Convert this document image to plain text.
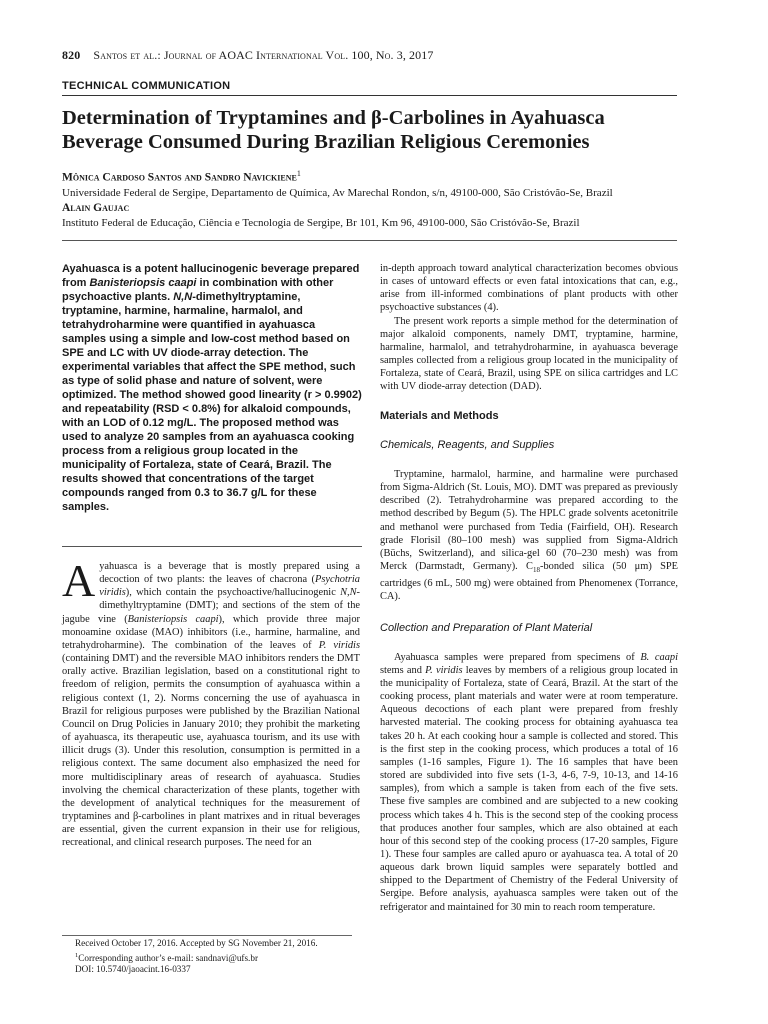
820 Santos et al.: Journal of AOAC International Vol. 100, No. 3, 2017
TECHNICAL COMMUNICATION
Determination of Tryptamines and β-Carbolines in Ayahuasca
Beverage Consumed During Brazilian Religious Ceremonies
Mônica Cardoso Santos and Sandro Navickiene$^1$

Universidade Federal de Sergipe, Departamento de Química, Av Marechal Rondon, s/n, 49100-000, São Cristóvão-Se, Brazil

Alain Gaujac

Instituto Federal de Educação, Ciência e Tecnologia de Sergipe, Br 101, Km 96, 49100-000, São Cristóvão-Se, Brazil

Ayahuasca is a potent hallucinogenic beverage prepared from Banisteriopsis caapi in combination with other psychoactive plants. N,N-dimethyltryptamine, tryptamine, harmine, harmaline, harmalol, and tetrahydroharmine were quantified in ayahuasca samples using a simple and low-cost method based on SPE and LC with UV diode-array detection. The experimental variables that affect the SPE method, such as type of solid phase and nature of solvent, were optimized. The method showed good linearity (r > 0.9902) and repeatability (RSD < 0.8%) for alkaloid compounds, with an LOD of 0.12 mg/L. The proposed method was used to analyze 20 samples from an ayahuasca cooking process from a religious group located in the municipality of Fortaleza, state of Ceará, Brazil. The results showed that concentrations of the target compounds ranged from 0.3 to 36.7 g/L for these samples.

Ayahuasca is a beverage that is mostly prepared using a decoction of two plants: the leaves of chacrona (Psychotria viridis), which contain the psychoactive/hallucinogenic N,N-dimethyltryptamine (DMT); and sections of the stem of the jagube vine (Banisteriopsis caapi), which provide three major monoamine oxidase (MAO) inhibitors (i.e., harmine, harmaline, and tetrahydroharmine). The combination of the leaves of P. viridis (containing DMT) and the reversible MAO inhibitors renders the DMT orally active. Brazilian legislation, based on a constitutional right to freedom of religion, permits the consumption of ayahuasca within a religious context (1, 2). Norms concerning the use of ayahuasca in Brazil for religious purposes were published by the Brazilian National Council on Drug Policies in January 2010; they prohibit the marketing of ayahuasca, its therapeutic use, ayahuasca tourism, and its use with illicit drugs (3). Under this resolution, consumption is permitted in a religious context. The same document also emphasized the need for more multidisciplinary areas of research of ayahuasca. Studies involving the chemical characterization of these plants, together with the development of analytical techniques for the measurement of tryptamines and β-carbolines in plant matrixes and in ritual beverages are essential, given the current expansion in their use for religious, recreational, and clinical research purposes. The need for an

Received October 17, 2016. Accepted by SG November 21, 2016.

$^1$Corresponding author’s e-mail: sandnavi@ufs.br

DOI: 10.5740/jaoacint.16-0337

in-depth approach toward analytical characterization becomes obvious in cases of untoward effects or even fatal intoxications that can, e.g., arise from ill-informed combinations of plant products with other psychoactive substances (4).

The present work reports a simple method for the determination of major alkaloid components, namely DMT, tryptamine, harmine, harmaline, harmalol, and tetrahydroharmine, in ayahuasca beverage samples collected from a religious group located in the municipality of Fortaleza, state of Ceará, Brazil, using SPE on silica cartridges and LC with UV diode-array detection (DAD).

Materials and Methods

Chemicals, Reagents, and Supplies

Tryptamine, harmalol, harmine, and harmaline were purchased from Sigma-Aldrich (St. Louis, MO). DMT was prepared as previously described (2). Tetrahydroharmine was prepared according to the method described by Begum (5). The HPLC grade solvents acetonitrile and methanol were purchased from Tedia (Fairfield, OH). Research grade Florisil (80–100 mesh) was supplied from Sigma-Aldrich (Büchs, Switzerland), and silica-gel 60 (70–230 mesh) was from Merck (Darmstadt, Germany). $C_{18}$-bonded silica (50 μm) SPE cartridges (6 mL, 500 mg) were obtained from Phenomenex (Torrance, CA).

Collection and Preparation of Plant Material

Ayahuasca samples were prepared from specimens of B. caapi stems and P. viridis leaves by members of a religious group located in the municipality of Fortaleza, state of Ceará, Brazil. At the start of the cooking process, plant materials and water were at room temperature. Aqueous decoctions of each plant were prepared from freshly harvested material. The cooking process for obtaining ayahuasca tea takes 20 h. At each cooking hour a sample is collected and stored. This is the first step in the cooking process, which produces a total of 16 samples (1-16 samples, Figure 1). The 16 samples that have been stored are subdivided into five sets (1-3, 4-6, 7-9, 10-13, and 14-16 samples), from which a sample is taken from each of the five sets. These five samples are combined and are subjected to a new cooking process which takes 4 h. This is the second step of the cooking process that produces another four samples, which are also obtained at each hour of this second step of the cooking process (17-20 samples, Figure 1). These four samples are called apuro or ayahuasca tea. A total of 20 aqueous dark brown liquid samples were separately bottled and shipped to the Department of Chemistry of the Federal University of Sergipe. Before analysis, ayahuasca samples were taken out of the refrigerator and maintained for 30 min to reach room temperature.
